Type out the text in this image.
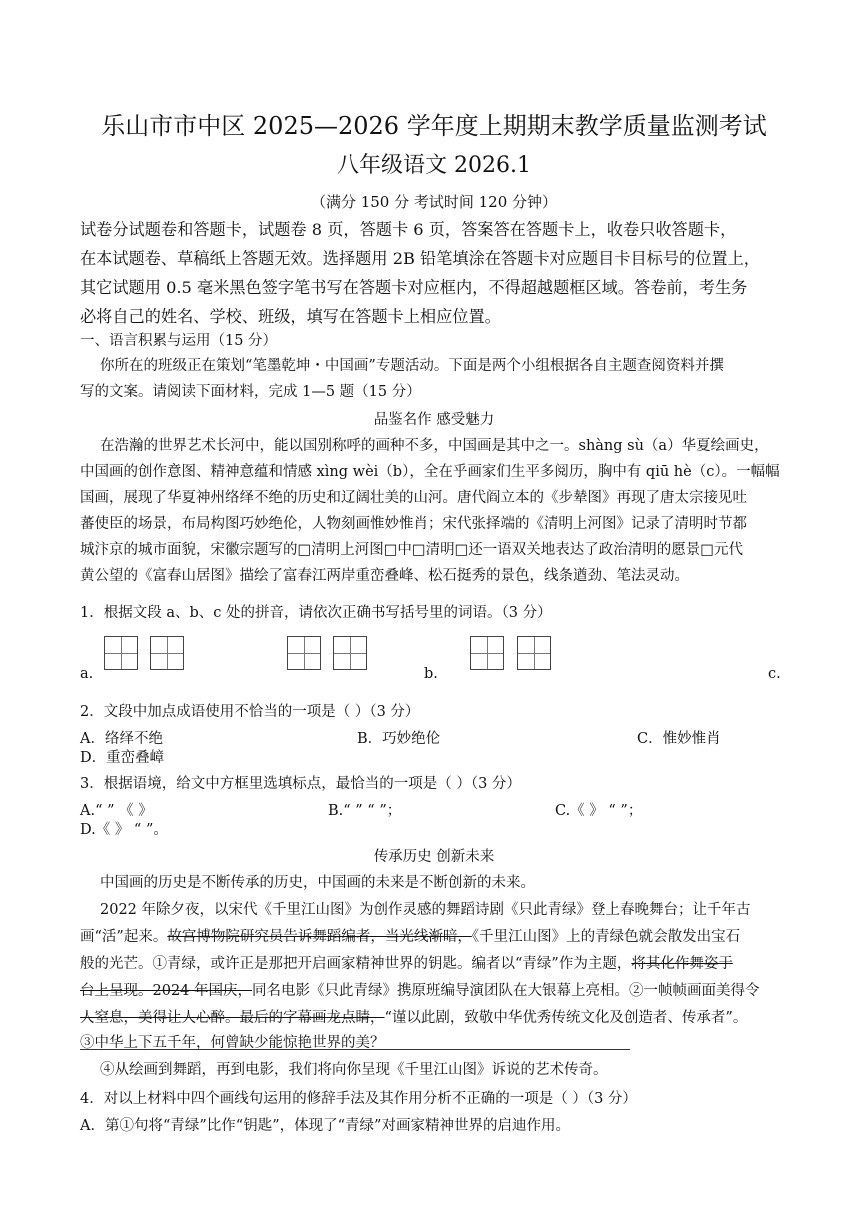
乐山市市中区 2025—2026 学年度上期期末教学质量监测考试
八年级语文 2026.1
（满分 150 分 考试时间 120 分钟）
试卷分试题卷和答题卡，试题卷 8 页，答题卡 6 页，答案答在答题卡上，收卷只收答题卡，
在本试题卷、草稿纸上答题无效。选择题用 2B 铅笔填涂在答题卡对应题目卡目标号的位置上，
其它试题用 0.5 毫米黑色签字笔书写在答题卡对应框内，不得超越题框区域。答卷前，考生务
必将自己的姓名、学校、班级，填写在答题卡上相应位置。
一、语言积累与运用（15 分）
你所在的班级正在策划“笔墨乾坤・中国画”专题活动。下面是两个小组根据各自主题查阅资料并撰
写的文案。请阅读下面材料，完成 1—5 题（15 分）
品鉴名作 感受魅力
在浩瀚的世界艺术长河中，能以国别称呼的画种不多，中国画是其中之一。shàng sù（a）华夏绘画史，
中国画的创作意图、精神意蕴和情感 xìng wèi（b），全在乎画家们生平多阅历，胸中有 qiū hè（c）。一幅幅
国画，展现了华夏神州络绎不绝的历史和辽阔壮美的山河。唐代阎立本的《步辇图》再现了唐太宗接见吐
蕃使臣的场景，布局构图巧妙绝伦，人物刻画惟妙惟肖；宋代张择端的《清明上河图》记录了清明时节都
城汴京的城市面貌，宋徽宗题写的□清明上河图□中□清明□还一语双关地表达了政治清明的愿景□元代
黄公望的《富春山居图》描绘了富春江两岸重峦叠峰、松石挺秀的景色，线条遒劲、笔法灵动。
1．根据文段 a、b、c 处的拼音，请依次正确书写括号里的词语。（3 分）
a.	b.	c.
2．文段中加点成语使用不恰当的一项是（ ）（3 分）
A．络绎不绝	B．巧妙绝伦	C．惟妙惟肖
D．重峦叠嶂
3．根据语境，给文中方框里选填标点，最恰当的一项是（ ）（3 分）
A.“ ” 《 》	B.“ ” “ ”；	C.《 》 “ ”；
D.《 》 “ ”。
传承历史 创新未来
中国画的历史是不断传承的历史，中国画的未来是不断创新的未来。
2022 年除夕夜，以宋代《千里江山图》为创作灵感的舞蹈诗剧《只此青绿》登上春晚舞台；让千年古
画“活”起来。故宫博物院研究员告诉舞蹈编者，当光线渐暗，《千里江山图》上的青绿色就会散发出宝石
般的光芒。①青绿，或许正是那把开启画家精神世界的钥匙。编者以“青绿”作为主题，将其化作舞姿于
台上呈现。2024 年国庆，同名电影《只此青绿》携原班编导演团队在大银幕上亮相。②一帧帧画面美得令
人窒息，美得让人心醉。最后的字幕画龙点睛，“谨以此剧，致敬中华优秀传统文化及创造者、传承者”。
③中华上下五千年，何曾缺少能惊艳世界的美？
④从绘画到舞蹈，再到电影，我们将向你呈现《千里江山图》诉说的艺术传奇。
4．对以上材料中四个画线句运用的修辞手法及其作用分析不正确的一项是（ ）（3 分）
A．第①句将“青绿”比作“钥匙”，体现了“青绿”对画家精神世界的启迪作用。
